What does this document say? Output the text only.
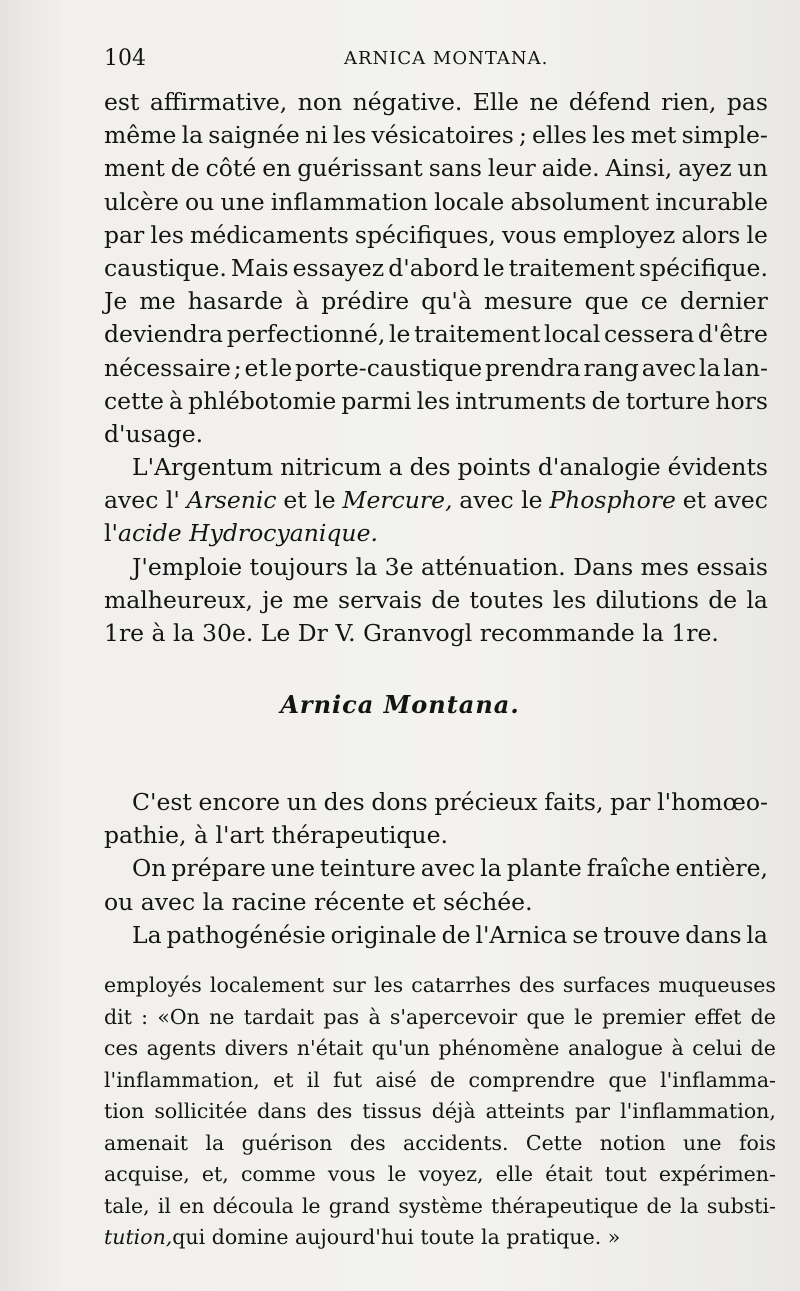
104	ARNICA MONTANA.
est affirmative, non négative. Elle ne défend rien, pas
même la saignée ni les vésicatoires ; elles les met simple-
ment de côté en guérissant sans leur aide. Ainsi, ayez un
ulcère ou une inflammation locale absolument incurable
par les médicaments spécifiques, vous employez alors le
caustique. Mais essayez d'abord le traitement spécifique.
Je me hasarde à prédire qu'à mesure que ce dernier
deviendra perfectionné, le traitement local cessera d'être
nécessaire ; et le porte-caustique prendra rang avec la lan-
cette à phlébotomie parmi les intruments de torture hors
d'usage.
L'Argentum nitricum a des points d'analogie évidents
avec l' Arsenic et le Mercure, avec le Phosphore et avec
l' acide Hydrocyanique.
J'emploie toujours la 3e atténuation. Dans mes essais
malheureux, je me servais de toutes les dilutions de la
1re à la 30e. Le Dr V. Granvogl recommande la 1re.
Arnica Montana.
C'est encore un des dons précieux faits, par l'homœo-
pathie, à l'art thérapeutique.
On prépare une teinture avec la plante fraîche entière,
ou avec la racine récente et séchée.
La pathogénésie originale de l'Arnica se trouve dans la
employés localement sur les catarrhes des surfaces muqueuses
dit : «On ne tardait pas à s'apercevoir que le premier effet de
ces agents divers n'était qu'un phénomène analogue à celui de
l'inflammation, et il fut aisé de comprendre que l'inflamma-
tion sollicitée dans des tissus déjà atteints par l'inflammation,
amenait la guérison des accidents. Cette notion une fois
acquise, et, comme vous le voyez, elle était tout expérimen-
tale, il en découla le grand système thérapeutique de la substi-
tution, qui domine aujourd'hui toute la pratique. »
